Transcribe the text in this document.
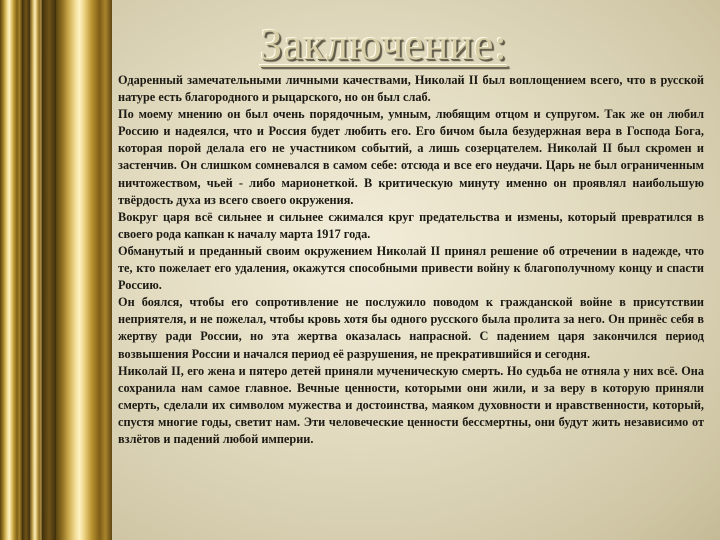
Заключение:

Одаренный замечательными личными качествами, Николай II был воплощением всего, что в русской натуре есть благородного и рыцарского, но он был слаб.

По моему мнению он был очень порядочным, умным, любящим отцом и супругом. Так же он любил Россию и надеялся, что и Россия будет любить его. Его бичом была безудержная вера в Господа Бога, которая порой делала его не участником событий, а лишь созерцателем. Николай II был скромен и застенчив. Он слишком сомневался в самом себе: отсюда и все его неудачи. Царь не был ограниченным ничтожеством, чьей - либо марионеткой. В критическую минуту именно он проявлял наибольшую твёрдость духа из всего своего окружения.

Вокруг царя всё сильнее и сильнее сжимался круг предательства и измены, который превратился в своего рода капкан к началу марта 1917 года.

Обманутый и преданный своим окружением Николай II принял решение об отречении в надежде, что те, кто пожелает его удаления, окажутся способными привести войну к благополучному концу и спасти Россию.

Он боялся, чтобы его сопротивление не послужило поводом к гражданской войне в присутствии неприятеля, и не пожелал, чтобы кровь хотя бы одного русского была пролита за него. Он принёс себя в жертву ради России, но эта жертва оказалась напрасной. С падением царя закончился период возвышения России и начался период её разрушения, не прекратившийся и сегодня.

Николай II, его жена и пятеро детей приняли мученическую смерть. Но судьба не отняла у них всё. Она сохранила нам самое главное. Вечные ценности, которыми они жили, и за веру в которую приняли смерть, сделали их символом мужества и достоинства, маяком духовности и нравственности, который, спустя многие годы, светит нам. Эти человеческие ценности бессмертны, они будут жить независимо от взлётов и падений любой империи.
